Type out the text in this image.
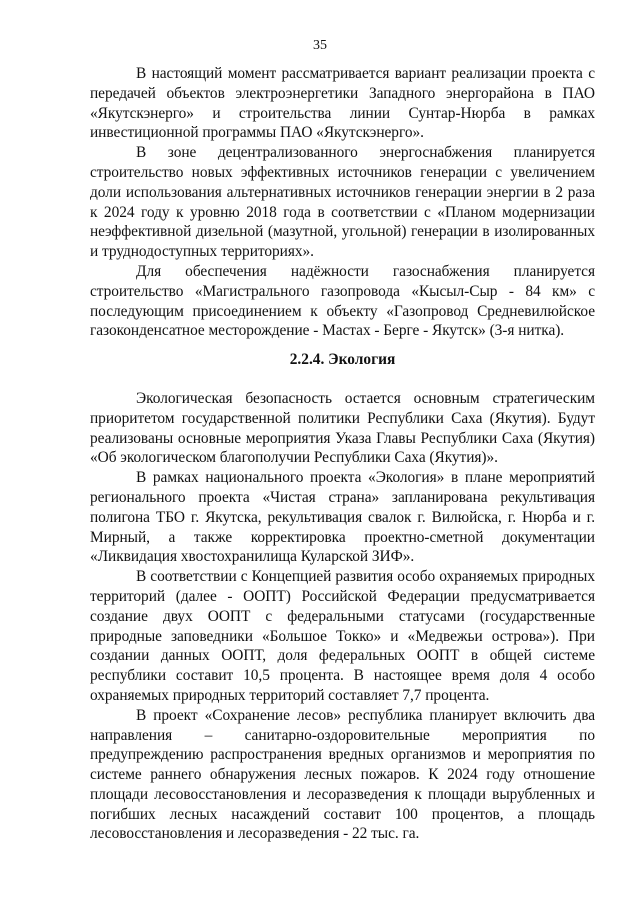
35

В настоящий момент рассматривается вариант реализации проекта с передачей объектов электроэнергетики Западного энергорайона в ПАО «Якутскэнерго» и строительства линии Сунтар-Нюрба в рамках инвестиционной программы ПАО «Якутскэнерго».

В зоне децентрализованного энергоснабжения планируется строительство новых эффективных источников генерации с увеличением доли использования альтернативных источников генерации энергии в 2 раза к 2024 году к уровню 2018 года в соответствии с «Планом модернизации неэффективной дизельной (мазутной, угольной) генерации в изолированных и труднодоступных территориях».

Для обеспечения надёжности газоснабжения планируется строительство «Магистрального газопровода «Кысыл-Сыр - 84 км» с последующим присоединением к объекту «Газопровод Средневилюйское газоконденсатное месторождение - Мастах - Берге - Якутск» (3-я нитка).

2.2.4. Экология

Экологическая безопасность остается основным стратегическим приоритетом государственной политики Республики Саха (Якутия). Будут реализованы основные мероприятия Указа Главы Республики Саха (Якутия) «Об экологическом благополучии Республики Саха (Якутия)».

В рамках национального проекта «Экология» в плане мероприятий регионального проекта «Чистая страна» запланирована рекультивация полигона ТБО г. Якутска, рекультивация свалок г. Вилюйска, г. Нюрба и г. Мирный, а также корректировка проектно-сметной документации «Ликвидация хвостохранилища Куларской ЗИФ».

В соответствии с Концепцией развития особо охраняемых природных территорий (далее - ООПТ) Российской Федерации предусматривается создание двух ООПТ с федеральными статусами (государственные природные заповедники «Большое Токко» и «Медвежьи острова»). При создании данных ООПТ, доля федеральных ООПТ в общей системе республики составит 10,5 процента. В настоящее время доля 4 особо охраняемых природных территорий составляет 7,7 процента.

В проект «Сохранение лесов» республика планирует включить два направления – санитарно-оздоровительные мероприятия по предупреждению распространения вредных организмов и мероприятия по системе раннего обнаружения лесных пожаров. К 2024 году отношение площади лесовосстановления и лесоразведения к площади вырубленных и погибших лесных насаждений составит 100 процентов, а площадь лесовосстановления и лесоразведения - 22 тыс. га.
